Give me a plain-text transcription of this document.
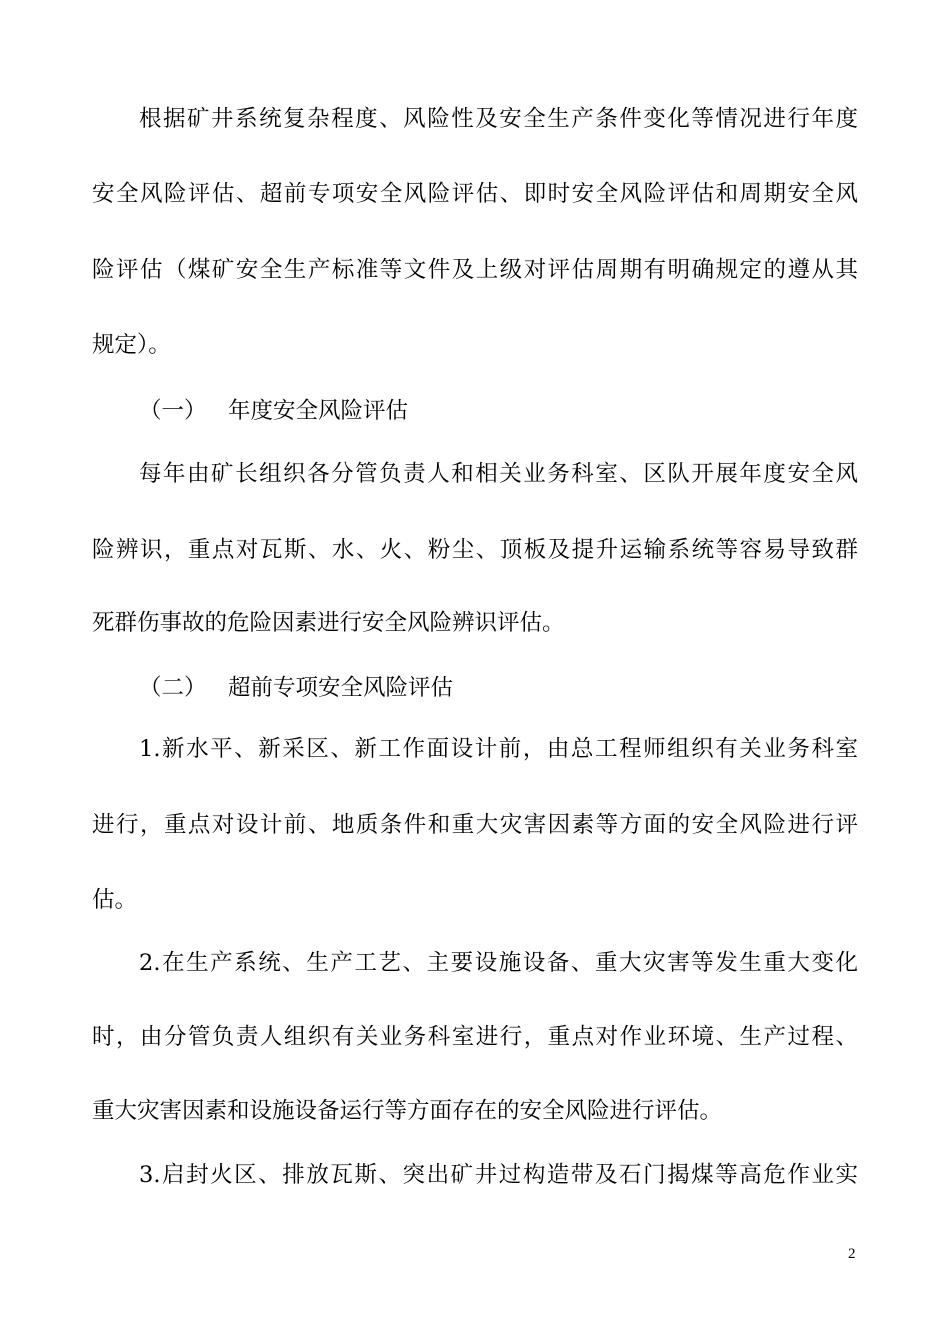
根据矿井系统复杂程度、风险性及安全生产条件变化等情况进行年度
安全风险评估、超前专项安全风险评估、即时安全风险评估和周期安全风
险评估（煤矿安全生产标准等文件及上级对评估周期有明确规定的遵从其
规定）。
（一） 年度安全风险评估
每年由矿长组织各分管负责人和相关业务科室、区队开展年度安全风
险辨识，重点对瓦斯、水、火、粉尘、顶板及提升运输系统等容易导致群
死群伤事故的危险因素进行安全风险辨识评估。
（二） 超前专项安全风险评估
1.新水平、新采区、新工作面设计前，由总工程师组织有关业务科室
进行，重点对设计前、地质条件和重大灾害因素等方面的安全风险进行评
估。
2.在生产系统、生产工艺、主要设施设备、重大灾害等发生重大变化
时，由分管负责人组织有关业务科室进行，重点对作业环境、生产过程、
重大灾害因素和设施设备运行等方面存在的安全风险进行评估。
3.启封火区、排放瓦斯、突出矿井过构造带及石门揭煤等高危作业实
2
